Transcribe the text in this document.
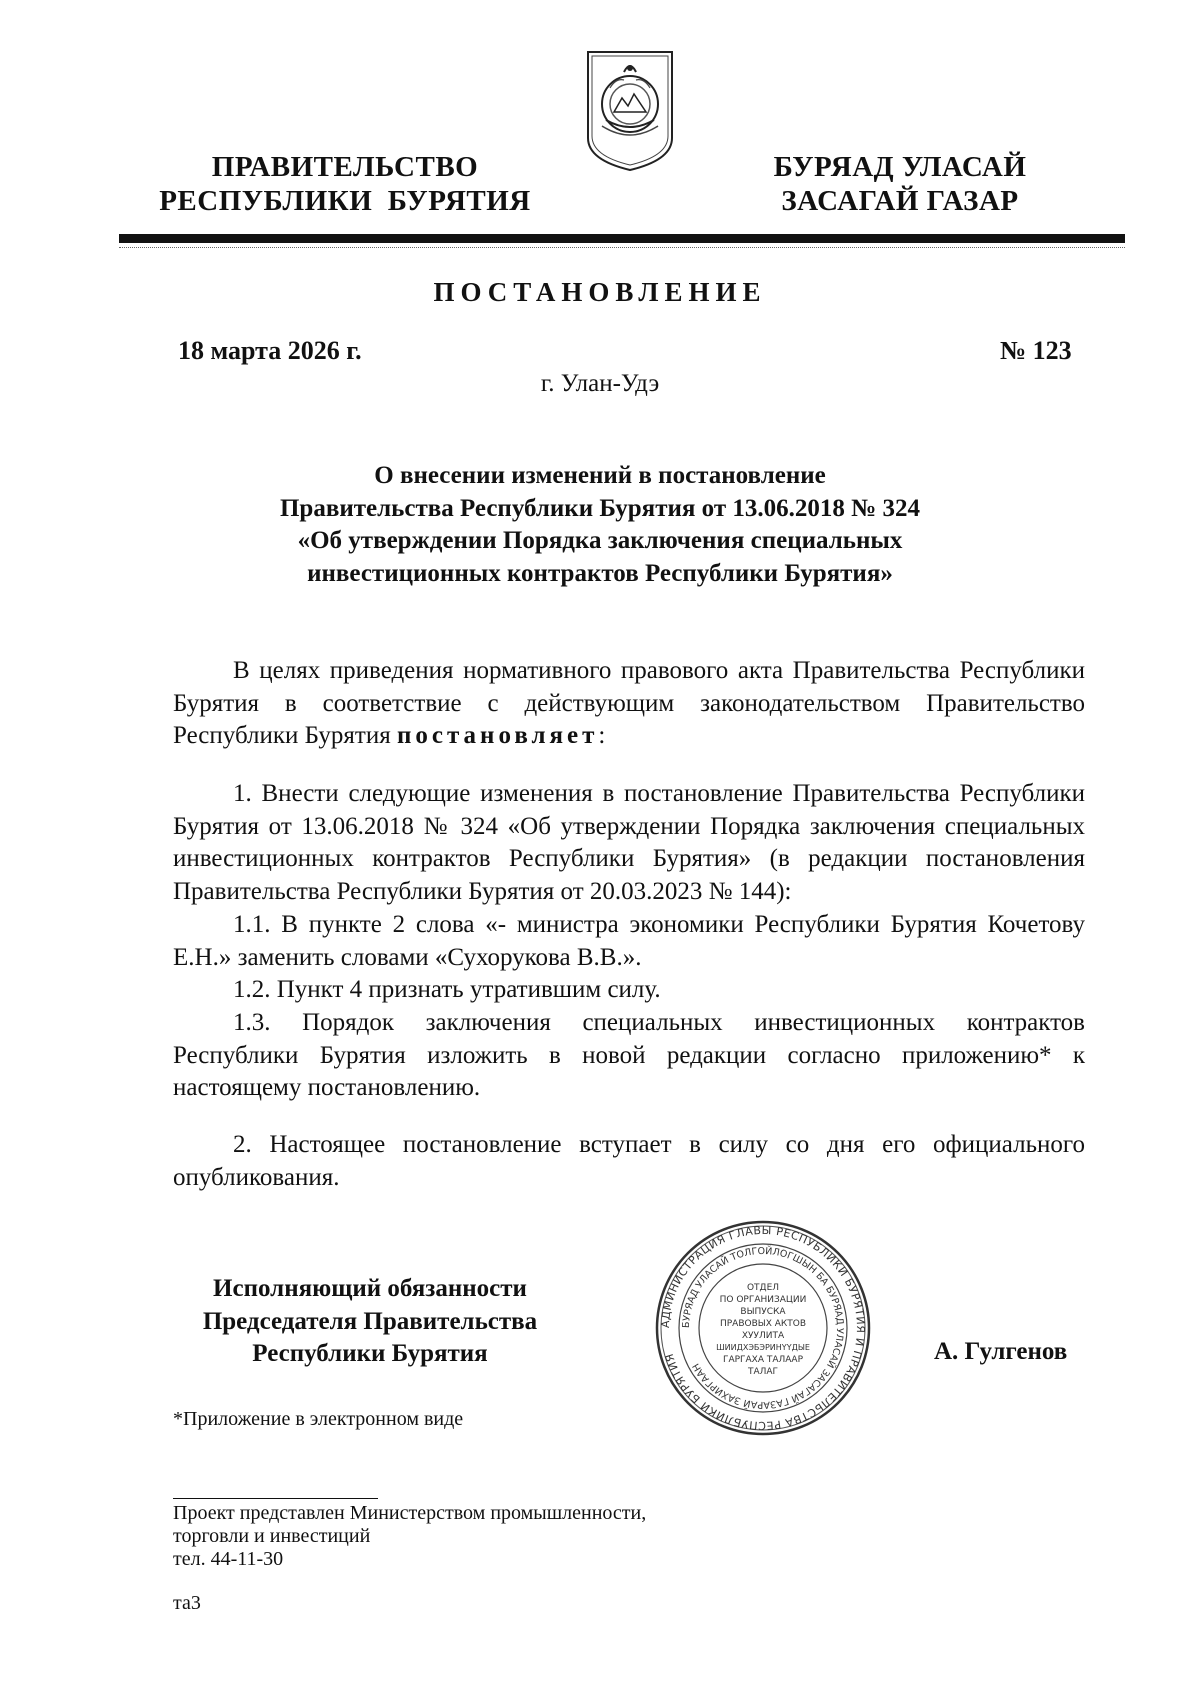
ПРАВИТЕЛЬСТВО
РЕСПУБЛИКИ  БУРЯТИЯ
БУРЯАД УЛАСАЙ
ЗАСАГАЙ ГАЗАР
ПОСТАНОВЛЕНИЕ
18 марта 2026 г.	№ 123
г. Улан-Удэ
О внесении изменений в постановление
Правительства Республики Бурятия от 13.06.2018 № 324
«Об утверждении Порядка заключения специальных
инвестиционных контрактов Республики Бурятия»
В целях приведения нормативного правового акта Правительства Республики Бурятия в соответствие с действующим законодательством Правительство Республики Бурятия постановляет:
1. Внести следующие изменения в постановление Правительства Республики Бурятия от 13.06.2018 № 324 «Об утверждении Порядка заключения специальных инвестиционных контрактов Республики Бурятия» (в редакции постановления Правительства Республики Бурятия от 20.03.2023 № 144):
1.1. В пункте 2 слова «- министра экономики Республики Бурятия Кочетову Е.Н.» заменить словами «Сухорукова В.В.».
1.2. Пункт 4 признать утратившим силу.
1.3. Порядок заключения специальных инвестиционных контрактов Республики Бурятия изложить в новой редакции согласно приложению* к настоящему постановлению.
2. Настоящее постановление вступает в силу со дня его официального опубликования.
Исполняющий обязанности
Председателя Правительства
Республики Бурятия	А. Гулгенов
АДМИНИСТРАЦИЯ ГЛАВЫ РЕСПУБЛИКИ БУРЯТИЯ И ПРАВИТЕЛЬСТВА РЕСПУБЛИКИ БУРЯТИЯ
БУРЯАД УЛАСАЙ ТОЛГОЙЛОГШЫН БА БУРЯАД УЛАСАЙ ЗАСАГАЙ ГАЗАРАЙ ЗАХИРГААН
ОТДЕЛ
ПО ОРГАНИЗАЦИИ
ВЫПУСКА
ПРАВОВЫХ АКТОВ
ХУУЛИТА
ШИИДХЭБЭРИНҮҮДЫЕ
ГАРГАХА ТАЛААР
ТАЛАГ
*Приложение в электронном виде
Проект представлен Министерством промышленности,
торговли и инвестиций
тел. 44-11-30
та3
